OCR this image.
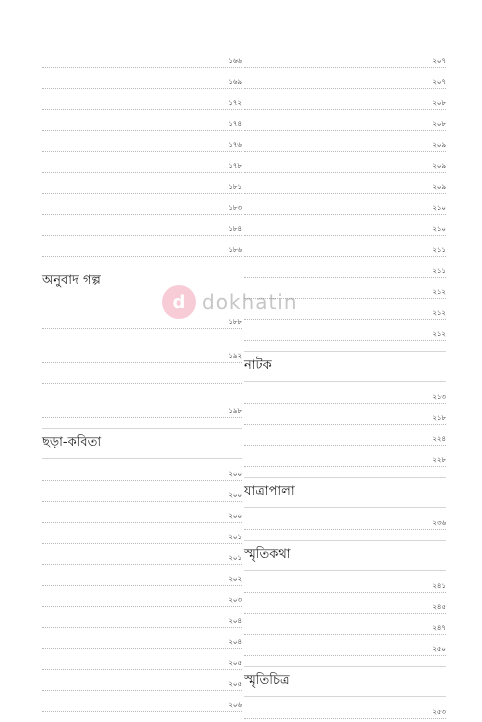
১৬৬
১৬৯
১৭২
১৭৪
১৭৬
১৭৮
১৮১
১৮৩
১৮৪
১৮৬
অনুবাদ গল্প
১৮৮
১৯২
১৯৮
ছড়া-কবিতা
২০০
২০০
২০০
২০১
২০১
২০২
২০৩
২০৪
২০৪
২০৫
২০৫
২০৬
২০৭
২০৭
২০৮
২০৮
২০৯
২০৯
২০৯
২১০
২১০
২১১
২১১
২১২
২১২
২১২
নাটক
২১৩
২১৮
২২৪
২২৮
যাত্রাপালা
২৩৬
স্মৃতিকথা
২৪১
২৪৫
২৪৭
২৫০
স্মৃতিচিত্র
২৫৩
d dokhatin
